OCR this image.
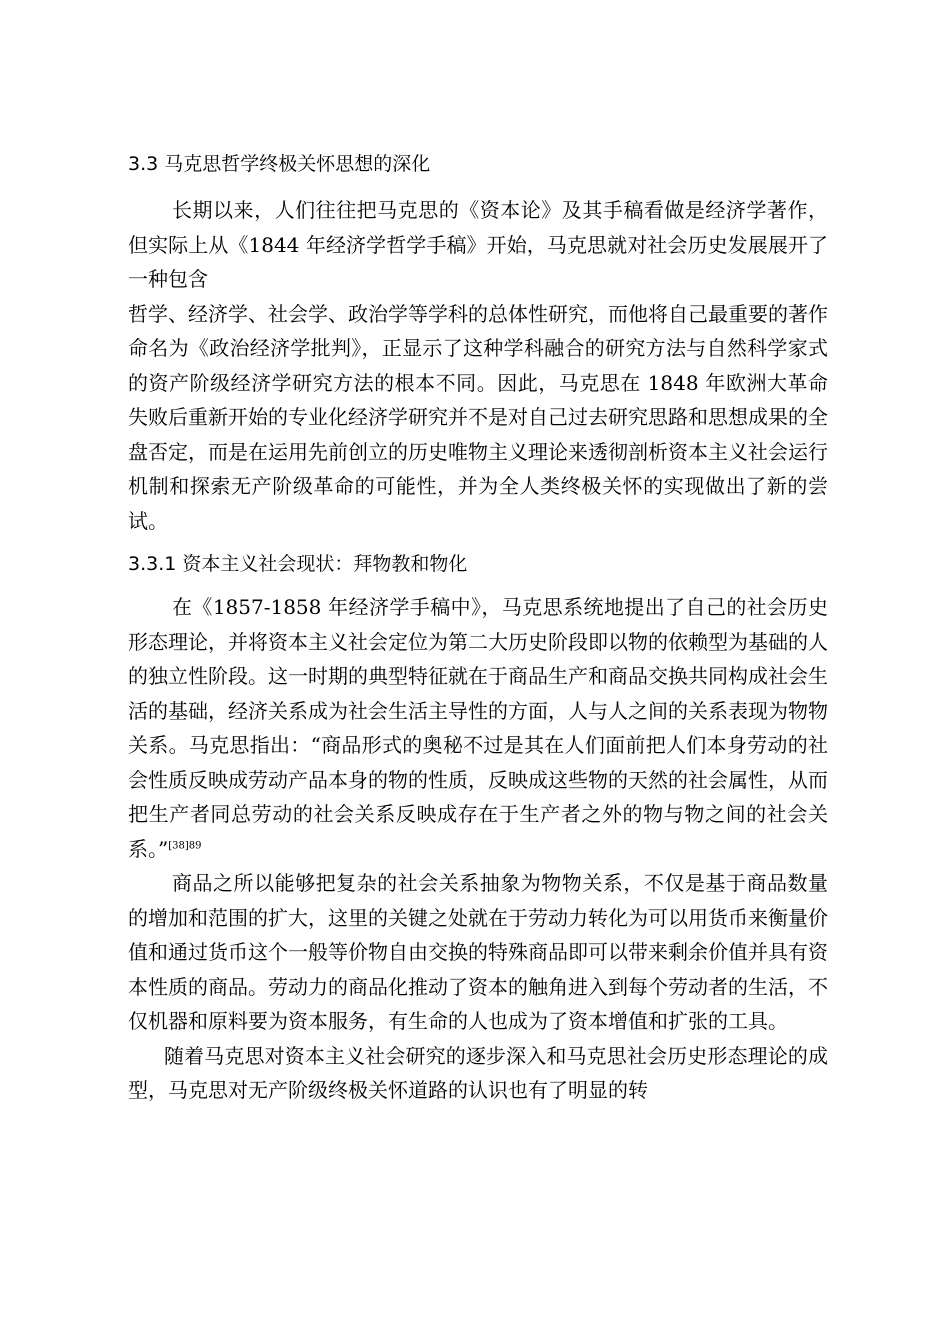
3.3 马克思哲学终极关怀思想的深化

长期以来，人们往往把马克思的《资本论》及其手稿看做是经济学著作，但实际上从《1844 年经济学哲学手稿》开始，马克思就对社会历史发展展开了一种包含

哲学、经济学、社会学、政治学等学科的总体性研究，而他将自己最重要的著作命名为《政治经济学批判》，正显示了这种学科融合的研究方法与自然科学家式的资产阶级经济学研究方法的根本不同。因此，马克思在 1848 年欧洲大革命失败后重新开始的专业化经济学研究并不是对自己过去研究思路和思想成果的全盘否定，而是在运用先前创立的历史唯物主义理论来透彻剖析资本主义社会运行机制和探索无产阶级革命的可能性，并为全人类终极关怀的实现做出了新的尝试。

3.3.1 资本主义社会现状：拜物教和物化

在《1857-1858 年经济学手稿中》，马克思系统地提出了自己的社会历史形态理论，并将资本主义社会定位为第二大历史阶段即以物的依赖型为基础的人的独立性阶段。这一时期的典型特征就在于商品生产和商品交换共同构成社会生活的基础，经济关系成为社会生活主导性的方面，人与人之间的关系表现为物物关系。马克思指出：“商品形式的奥秘不过是其在人们面前把人们本身劳动的社会性质反映成劳动产品本身的物的性质，反映成这些物的天然的社会属性，从而把生产者同总劳动的社会关系反映成存在于生产者之外的物与物之间的社会关系。”$^{[38]89}$

商品之所以能够把复杂的社会关系抽象为物物关系，不仅是基于商品数量的增加和范围的扩大，这里的关键之处就在于劳动力转化为可以用货币来衡量价值和通过货币这个一般等价物自由交换的特殊商品即可以带来剩余价值并具有资本性质的商品。劳动力的商品化推动了资本的触角进入到每个劳动者的生活，不仅机器和原料要为资本服务，有生命的人也成为了资本增值和扩张的工具。

随着马克思对资本主义社会研究的逐步深入和马克思社会历史形态理论的成型，马克思对无产阶级终极关怀道路的认识也有了明显的转
